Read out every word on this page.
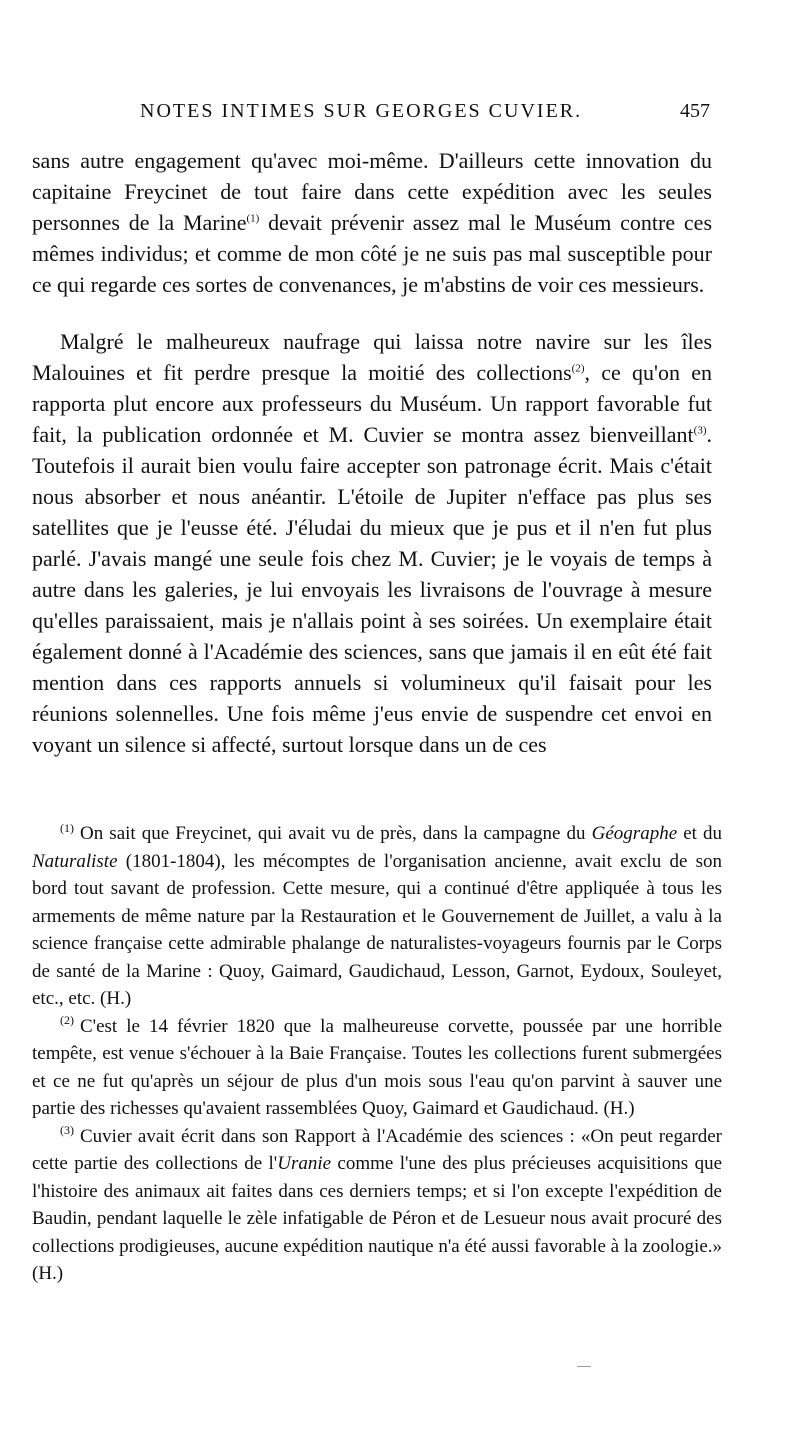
NOTES INTIMES SUR GEORGES CUVIER.	457

sans autre engagement qu'avec moi-même. D'ailleurs cette innovation du capitaine Freycinet de tout faire dans cette expédition avec les seules personnes de la Marine$^{(1)}$ devait prévenir assez mal le Muséum contre ces mêmes individus; et comme de mon côté je ne suis pas mal susceptible pour ce qui regarde ces sortes de convenances, je m'abstins de voir ces messieurs.

Malgré le malheureux naufrage qui laissa notre navire sur les îles Malouines et fit perdre presque la moitié des collections$^{(2)}$, ce qu'on en rapporta plut encore aux professeurs du Muséum. Un rapport favorable fut fait, la publication ordonnée et M. Cuvier se montra assez bienveillant$^{(3)}$. Toutefois il aurait bien voulu faire accepter son patronage écrit. Mais c'était nous absorber et nous anéantir. L'étoile de Jupiter n'efface pas plus ses satellites que je l'eusse été. J'éludai du mieux que je pus et il n'en fut plus parlé. J'avais mangé une seule fois chez M. Cuvier; je le voyais de temps à autre dans les galeries, je lui envoyais les livraisons de l'ouvrage à mesure qu'elles paraissaient, mais je n'allais point à ses soirées. Un exemplaire était également donné à l'Académie des sciences, sans que jamais il en eût été fait mention dans ces rapports annuels si volumineux qu'il faisait pour les réunions solennelles. Une fois même j'eus envie de suspendre cet envoi en voyant un silence si affecté, surtout lorsque dans un de ces

$^{(1)}$ On sait que Freycinet, qui avait vu de près, dans la campagne du Géographe et du Naturaliste (1801-1804), les mécomptes de l'organisation ancienne, avait exclu de son bord tout savant de profession. Cette mesure, qui a continué d'être appliquée à tous les armements de même nature par la Restauration et le Gouvernement de Juillet, a valu à la science française cette admirable phalange de naturalistes-voyageurs fournis par le Corps de santé de la Marine : Quoy, Gaimard, Gaudichaud, Lesson, Garnot, Eydoux, Souleyet, etc., etc. (H.)

$^{(2)}$ C'est le 14 février 1820 que la malheureuse corvette, poussée par une horrible tempête, est venue s'échouer à la Baie Française. Toutes les collections furent submergées et ce ne fut qu'après un séjour de plus d'un mois sous l'eau qu'on parvint à sauver une partie des richesses qu'avaient rassemblées Quoy, Gaimard et Gaudichaud. (H.)

$^{(3)}$ Cuvier avait écrit dans son Rapport à l'Académie des sciences : «On peut regarder cette partie des collections de l'Uranie comme l'une des plus précieuses acquisitions que l'histoire des animaux ait faites dans ces derniers temps; et si l'on excepte l'expédition de Baudin, pendant laquelle le zèle infatigable de Péron et de Lesueur nous avait procuré des collections prodigieuses, aucune expédition nautique n'a été aussi favorable à la zoologie.» (H.)
